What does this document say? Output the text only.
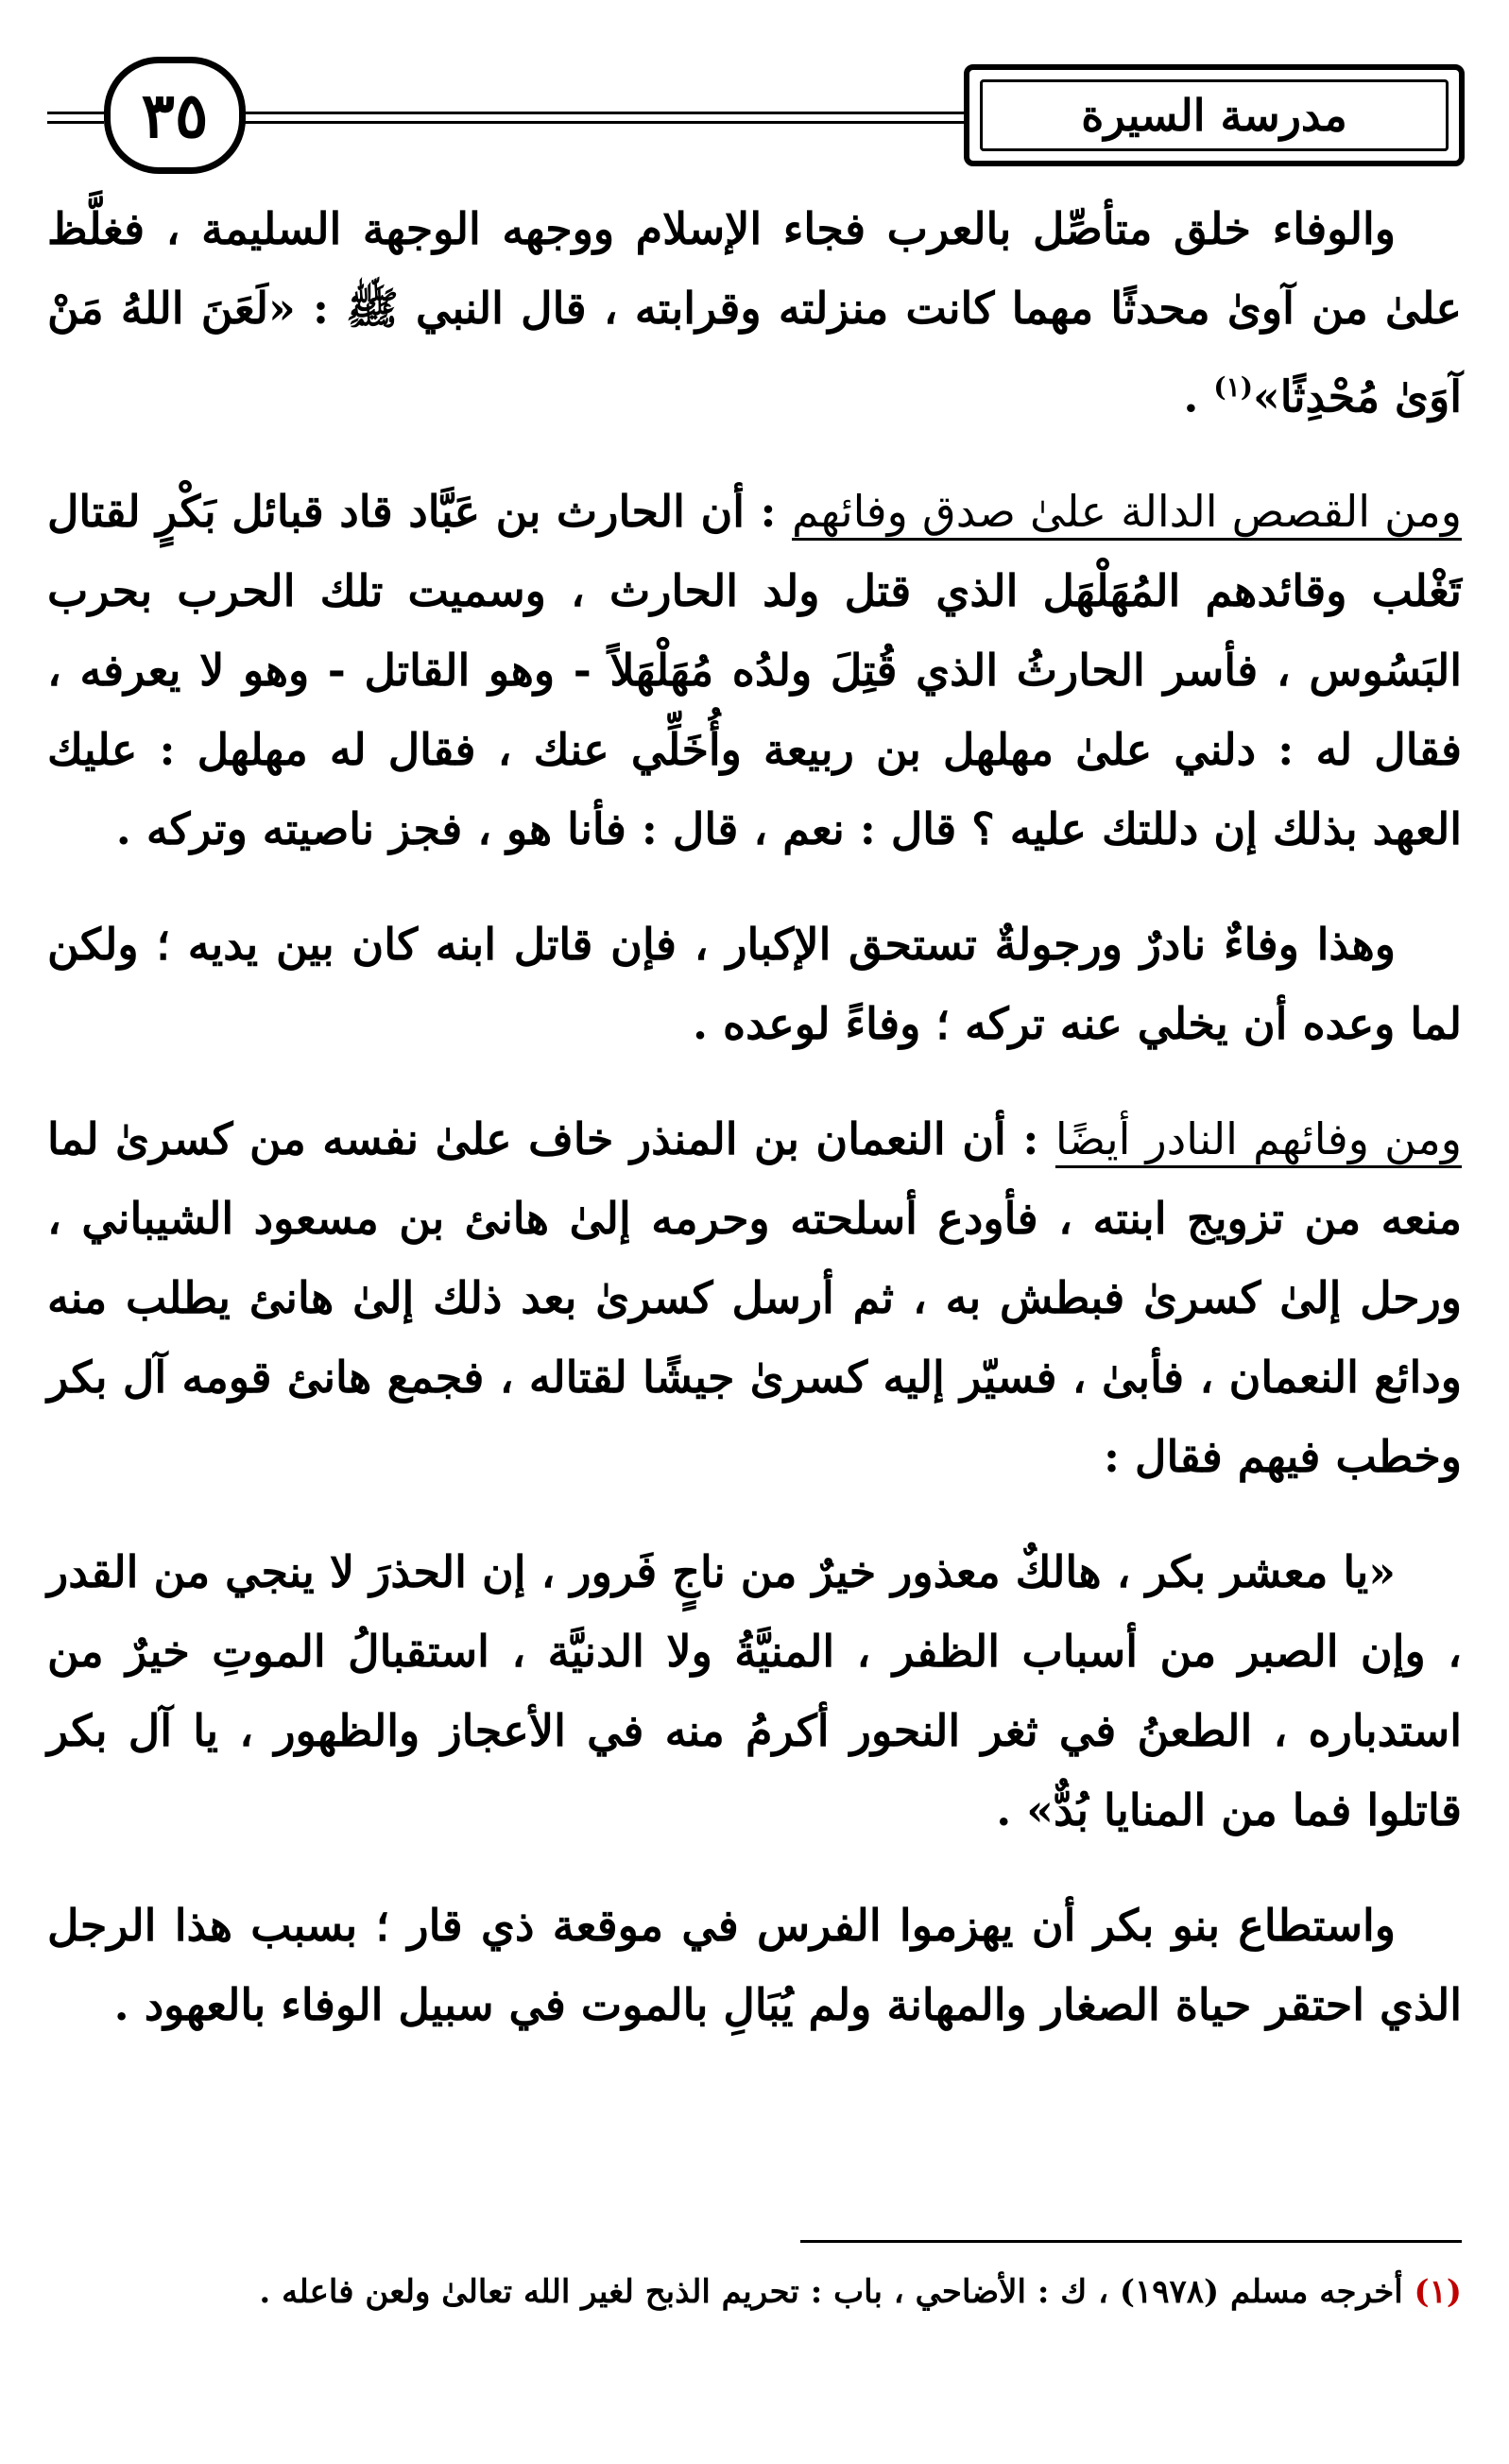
مدرسة السيرة
٣٥

والوفاء خلق متأصِّل بالعرب فجاء الإسلام ووجهه الوجهة السليمة ، فغلَّظ علىٰ من آوىٰ محدثًا مهما كانت منزلته وقرابته ، قال النبي ﷺ : «لَعَنَ اللهُ مَنْ آوَىٰ مُحْدِثًا»$^{(١)}$ .

ومن القصص الدالة علىٰ صدق وفائهم : أن الحارث بن عَبَّاد قاد قبائل بَكْرٍ لقتال تَغْلب وقائدهم المُهَلْهَل الذي قتل ولد الحارث ، وسميت تلك الحرب بحرب البَسُوس ، فأسر الحارثُ الذي قُتِلَ ولدُه مُهَلْهَلاً - وهو القاتل - وهو لا يعرفه ، فقال له : دلني علىٰ مهلهل بن ربيعة وأُخَلِّي عنك ، فقال له مهلهل : عليك العهد بذلك إن دللتك عليه ؟ قال : نعم ، قال : فأنا هو ، فجز ناصيته وتركه .

وهذا وفاءٌ نادرٌ ورجولةٌ تستحق الإكبار ، فإن قاتل ابنه كان بين يديه ؛ ولكن لما وعده أن يخلي عنه تركه ؛ وفاءً لوعده .

ومن وفائهم النادر أيضًا : أن النعمان بن المنذر خاف علىٰ نفسه من كسرىٰ لما منعه من تزويج ابنته ، فأودع أسلحته وحرمه إلىٰ هانئ بن مسعود الشيباني ، ورحل إلىٰ كسرىٰ فبطش به ، ثم أرسل كسرىٰ بعد ذلك إلىٰ هانئ يطلب منه ودائع النعمان ، فأبىٰ ، فسيّر إليه كسرىٰ جيشًا لقتاله ، فجمع هانئ قومه آل بكر وخطب فيهم فقال :

«يا معشر بكر ، هالكٌ معذور خيرٌ من ناجٍ فَرور ، إن الحذرَ لا ينجي من القدر ، وإن الصبر من أسباب الظفر ، المنيَّةُ ولا الدنيَّة ، استقبالُ الموتِ خيرٌ من استدباره ، الطعنُ في ثغر النحور أكرمُ منه في الأعجاز والظهور ، يا آل بكر قاتلوا فما من المنايا بُدٌّ» .

واستطاع بنو بكر أن يهزموا الفرس في موقعة ذي قار ؛ بسبب هذا الرجل الذي احتقر حياة الصغار والمهانة ولم يُبَالِ بالموت في سبيل الوفاء بالعهود .

(١) أخرجه مسلم (١٩٧٨) ، ك : الأضاحي ، باب : تحريم الذبح لغير الله تعالىٰ ولعن فاعله .
